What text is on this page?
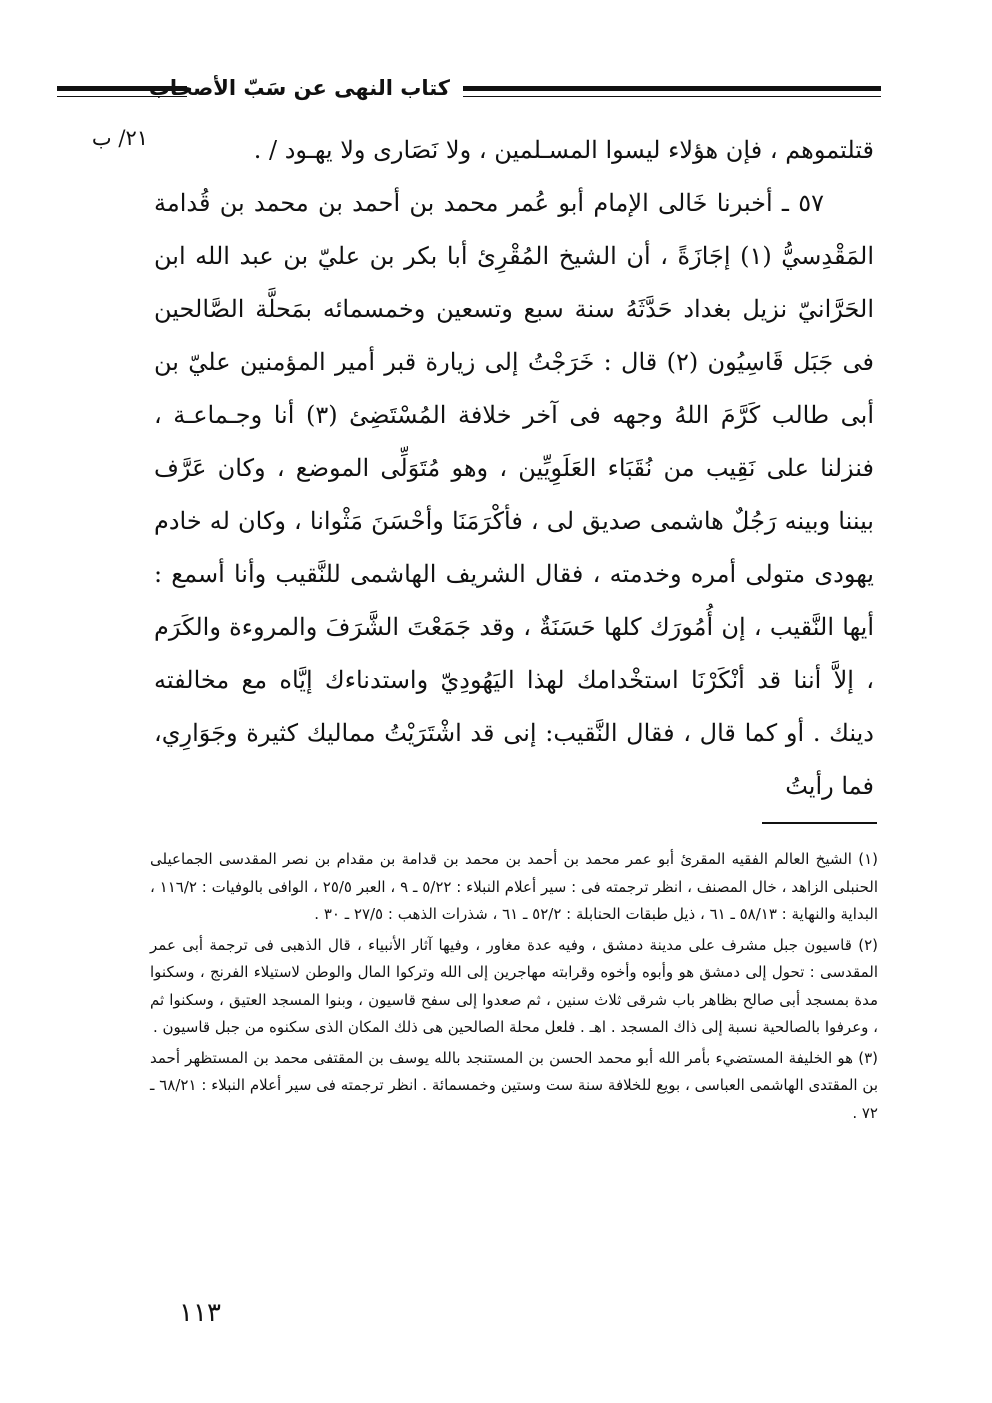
كتاب النهى عن سَبّ الأصحاب
٢١/ ب	قتلتموهم ، فإن هؤلاء ليسوا المسـلمين ، ولا نَصَارى ولا يهـود / .

٥٧ ـ أخبرنا خَالى الإمام أبو عُمر محمد بن أحمد بن محمد بن قُدامة المَقْدِسيُّ (١) إجَازَةً ، أن الشيخ المُقْرِئ أبا بكر بن عليّ بن عبد الله ابن الحَرَّانيّ نزيل بغداد حَدَّثَهُ سنة سبع وتسعين وخمسمائه بمَحلَّة الصَّالحين فى جَبَل قَاسِيُون (٢) قال : خَرَجْتُ إلى زيارة قبر أمير المؤمنين عليّ بن أبى طالب كَرَّمَ اللهُ وجهه فى آخر خلافة المُسْتَضِئ (٣) أنا وجـماعـة ، فنزلنا على نَقِيب من نُقَبَاء العَلَوِيِّين ، وهو مُتَوَلِّى الموضع ، وكان عَرَّف بيننا وبينه رَجُلٌ هاشمى صديق لى ، فأكْرَمَنَا وأحْسَنَ مَثْوانا ، وكان له خادم يهودى متولى أمره وخدمته ، فقال الشريف الهاشمى للنَّقيب وأنا أسمع : أيها النَّقيب ، إن أُمُورَك كلها حَسَنَةٌ ، وقد جَمَعْتَ الشَّرَفَ والمروءة والكَرَم ، إلاَّ أننا قد أنْكَرْنَا استخْدامك لهذا اليَهُودِيّ واستدناءك إيَّاه مع مخالفته دينك . أو كما قال ، فقال النَّقيب: إنى قد اشْتَرَيْتُ مماليك كثيرة وجَوَارِي، فما رأيتُ

(١) الشيخ العالم الفقيه المقرئ أبو عمر محمد بن أحمد بن محمد بن قدامة بن مقدام بن نصر المقدسى الجماعيلى الحنبلى الزاهد ، خال المصنف ، انظر ترجمته فى : سير أعلام النبلاء : ٥/٢٢ ـ ٩ ، العبر ٢٥/٥ ، الوافى بالوفيات : ١١٦/٢ ، البداية والنهاية : ٥٨/١٣ ـ ٦١ ، ذيل طبقات الحنابلة : ٥٢/٢ ـ ٦١ ، شذرات الذهب : ٢٧/٥ ـ ٣٠ .

(٢) قاسيون جبل مشرف على مدينة دمشق ، وفيه عدة مغاور ، وفيها آثار الأنبياء ، قال الذهبى فى ترجمة أبى عمر المقدسى : تحول إلى دمشق هو وأبوه وأخوه وقرابته مهاجرين إلى الله وتركوا المال والوطن لاستيلاء الفرنج ، وسكنوا مدة بمسجد أبى صالح بظاهر باب شرقى ثلاث سنين ، ثم صعدوا إلى سفح قاسيون ، وبنوا المسجد العتيق ، وسكنوا ثم ، وعرفوا بالصالحية نسبة إلى ذاك المسجد . اهـ . فلعل محلة الصالحين هى ذلك المكان الذى سكنوه من جبل قاسيون .

(٣) هو الخليفة المستضيء بأمر الله أبو محمد الحسن بن المستنجد بالله يوسف بن المقتفى محمد بن المستظهر أحمد بن المقتدى الهاشمى العباسى ، بويع للخلافة سنة ست وستين وخمسمائة . انظر ترجمته فى سير أعلام النبلاء : ٦٨/٢١ ـ ٧٢ .

١١٣
